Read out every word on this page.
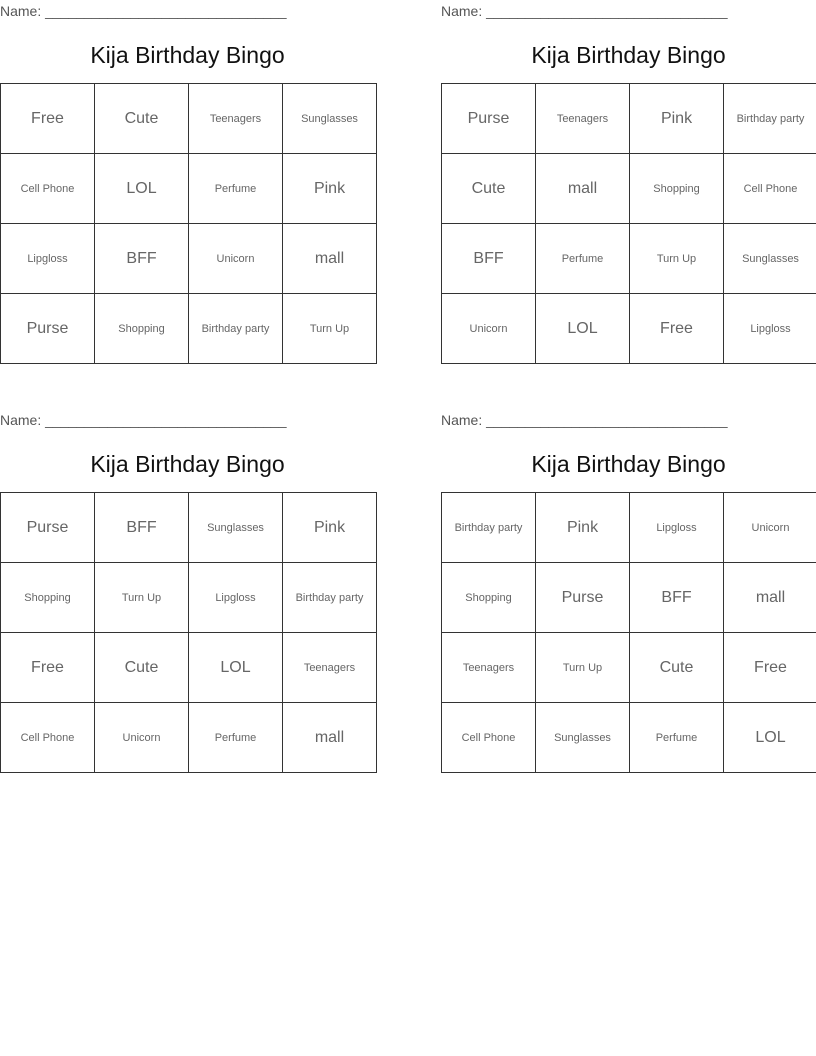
Name: _______________________________
Kija Birthday Bingo
Free	Cute	Teenagers	Sunglasses
Cell Phone	LOL	Perfume	Pink
Lipgloss	BFF	Unicorn	mall
Purse	Shopping	Birthday party	Turn Up
Name: _______________________________
Kija Birthday Bingo
Purse	Teenagers	Pink	Birthday party
Cute	mall	Shopping	Cell Phone
BFF	Perfume	Turn Up	Sunglasses
Unicorn	LOL	Free	Lipgloss
Name: _______________________________
Kija Birthday Bingo
Purse	BFF	Sunglasses	Pink
Shopping	Turn Up	Lipgloss	Birthday party
Free	Cute	LOL	Teenagers
Cell Phone	Unicorn	Perfume	mall
Name: _______________________________
Kija Birthday Bingo
Birthday party	Pink	Lipgloss	Unicorn
Shopping	Purse	BFF	mall
Teenagers	Turn Up	Cute	Free
Cell Phone	Sunglasses	Perfume	LOL
